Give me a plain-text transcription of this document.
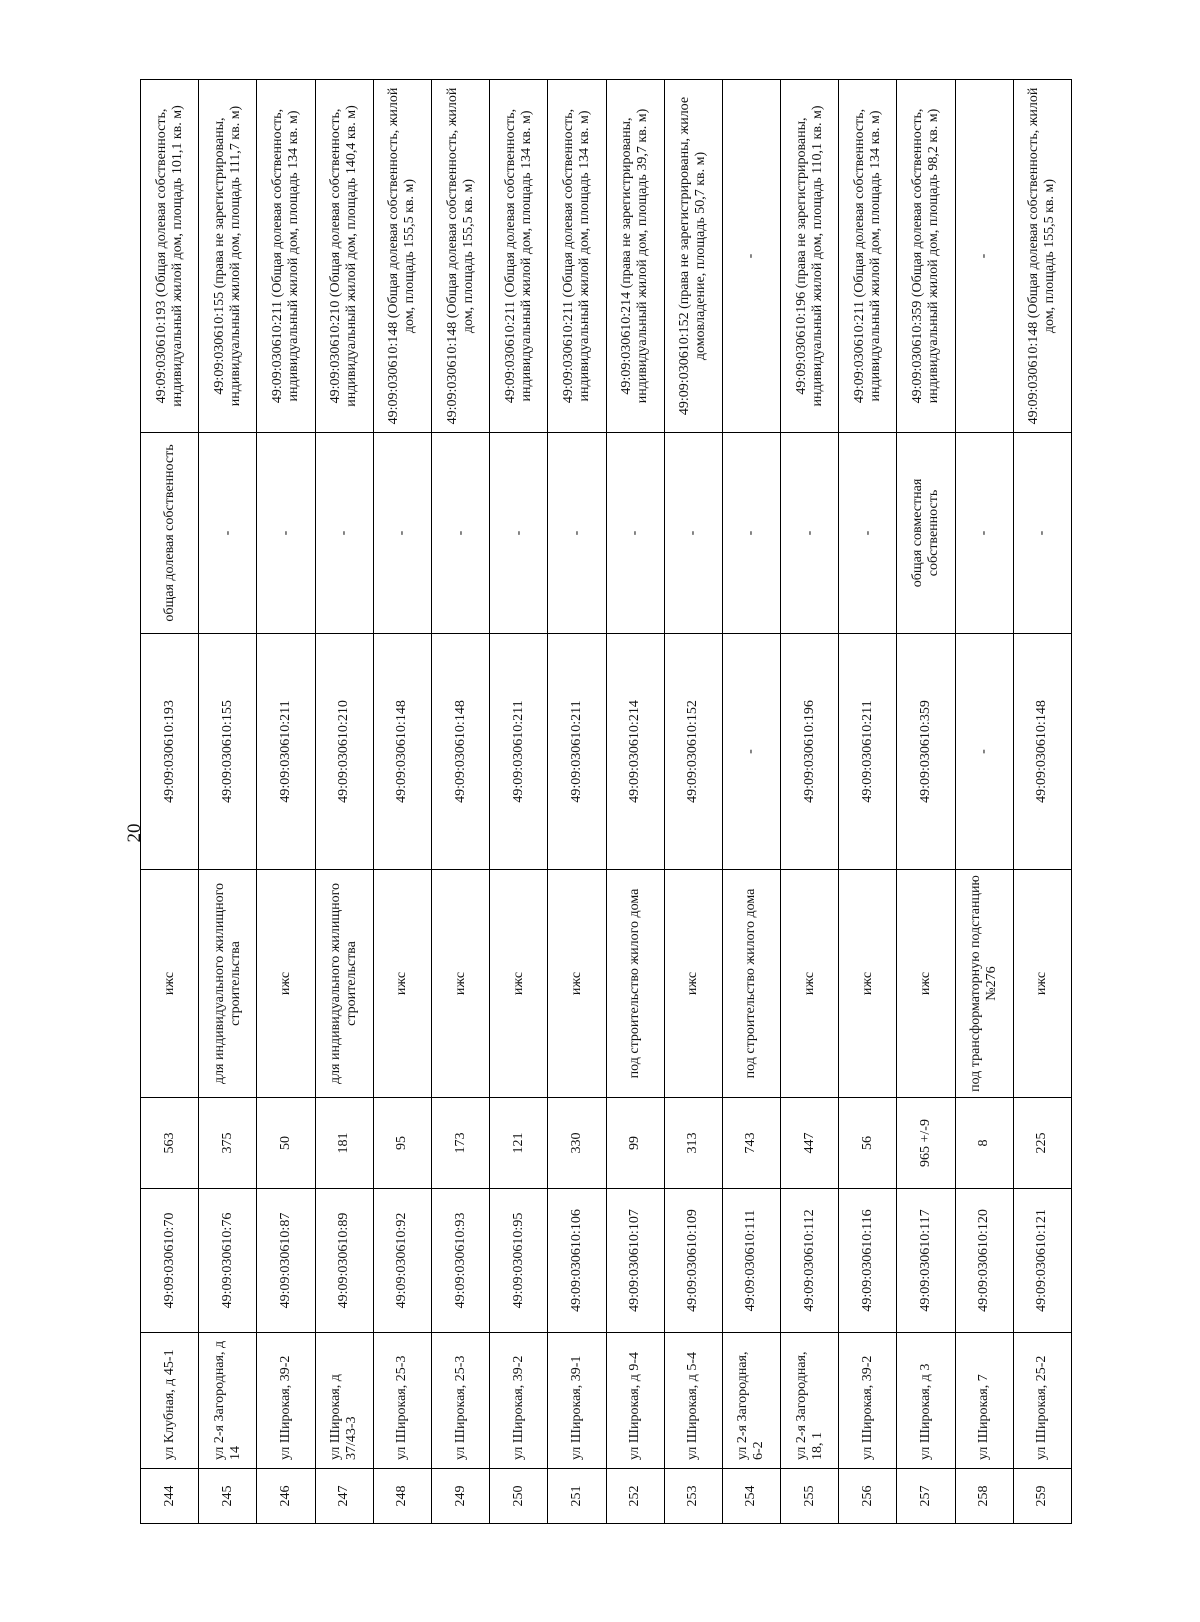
20
244	ул Клубная, д 45-1	49:09:030610:70	563	ижс	49:09:030610:193	общая долевая собственность	49:09:030610:193 (Общая долевая собственность, индивидуальный жилой дом, площадь 101,1 кв. м)
245	ул 2-я Загородная, д 14	49:09:030610:76	375	для индивидуального жилищного строительства	49:09:030610:155	-	49:09:030610:155 (права не зарегистрированы, индивидуальный жилой дом, площадь 111,7 кв. м)
246	ул Широкая, 39-2	49:09:030610:87	50	ижс	49:09:030610:211	-	49:09:030610:211 (Общая долевая собственность, индивидуальный жилой дом, площадь 134 кв. м)
247	ул Широкая, д 37/43-3	49:09:030610:89	181	для индивидуального жилищного строительства	49:09:030610:210	-	49:09:030610:210 (Общая долевая собственность, индивидуальный жилой дом, площадь 140,4 кв. м)
248	ул Широкая, 25-3	49:09:030610:92	95	ижс	49:09:030610:148	-	49:09:030610:148 (Общая долевая собственность, жилой дом, площадь 155,5 кв. м)
249	ул Широкая, 25-3	49:09:030610:93	173	ижс	49:09:030610:148	-	49:09:030610:148 (Общая долевая собственность, жилой дом, площадь 155,5 кв. м)
250	ул Широкая, 39-2	49:09:030610:95	121	ижс	49:09:030610:211	-	49:09:030610:211 (Общая долевая собственность, индивидуальный жилой дом, площадь 134 кв. м)
251	ул Широкая, 39-1	49:09:030610:106	330	ижс	49:09:030610:211	-	49:09:030610:211 (Общая долевая собственность, индивидуальный жилой дом, площадь 134 кв. м)
252	ул Широкая, д 9-4	49:09:030610:107	99	под строительство жилого дома	49:09:030610:214	-	49:09:030610:214 (права не зарегистрированы, индивидуальный жилой дом, площадь 39,7 кв. м)
253	ул Широкая, д 5-4	49:09:030610:109	313	ижс	49:09:030610:152	-	49:09:030610:152 (права не зарегистрированы, жилое домовладение, площадь 50,7 кв. м)
254	ул 2-я Загородная, 6-2	49:09:030610:111	743	под строительство жилого дома	-	-	-
255	ул 2-я Загородная, 18, 1	49:09:030610:112	447	ижс	49:09:030610:196	-	49:09:030610:196 (права не зарегистрированы, индивидуальный жилой дом, площадь 110,1 кв. м)
256	ул Широкая, 39-2	49:09:030610:116	56	ижс	49:09:030610:211	-	49:09:030610:211 (Общая долевая собственность, индивидуальный жилой дом, площадь 134 кв. м)
257	ул Широкая, д 3	49:09:030610:117	965 +/-9	ижс	49:09:030610:359	общая совместная собственность	49:09:030610:359 (Общая долевая собственность, индивидуальный жилой дом, площадь 98,2 кв. м)
258	ул Широкая, 7	49:09:030610:120	8	под трансформаторную подстанцию №276	-	-	-
259	ул Широкая, 25-2	49:09:030610:121	225	ижс	49:09:030610:148	-	49:09:030610:148 (Общая долевая собственность, жилой дом, площадь 155,5 кв. м)
